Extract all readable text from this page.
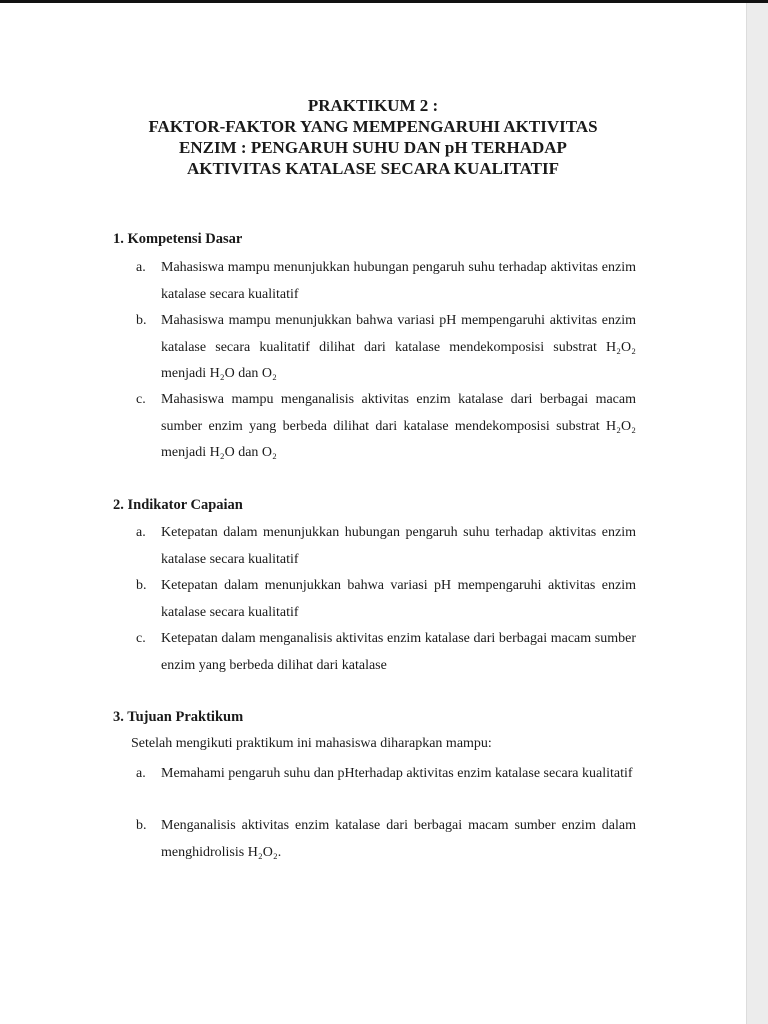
PRAKTIKUM 2 :
FAKTOR-FAKTOR YANG MEMPENGARUHI AKTIVITAS
ENZIM : PENGARUH SUHU DAN pH TERHADAP
AKTIVITAS KATALASE SECARA KUALITATIF
1. Kompetensi Dasar
a. Mahasiswa mampu menunjukkan hubungan pengaruh suhu terhadap aktivitas enzim katalase secara kualitatif
b. Mahasiswa mampu menunjukkan bahwa variasi pH mempengaruhi aktivitas enzim katalase secara kualitatif dilihat dari katalase mendekomposisi substrat H₂O₂ menjadi H₂O dan O₂
c. Mahasiswa mampu menganalisis aktivitas enzim katalase dari berbagai macam sumber enzim yang berbeda dilihat dari katalase mendekomposisi substrat H₂O₂ menjadi H₂O dan O₂
2. Indikator Capaian
a. Ketepatan dalam menunjukkan hubungan pengaruh suhu terhadap aktivitas enzim katalase secara kualitatif
b. Ketepatan dalam menunjukkan bahwa variasi pH mempengaruhi aktivitas enzim katalase secara kualitatif
c. Ketepatan dalam menganalisis aktivitas enzim katalase dari berbagai macam sumber enzim yang berbeda dilihat dari katalase
3. Tujuan Praktikum
Setelah mengikuti praktikum ini mahasiswa diharapkan mampu:
a. Memahami pengaruh suhu dan pHterhadap aktivitas enzim katalase secara kualitatif
b. Menganalisis aktivitas enzim katalase dari berbagai macam sumber enzim dalam menghidrolisis H₂O₂.
